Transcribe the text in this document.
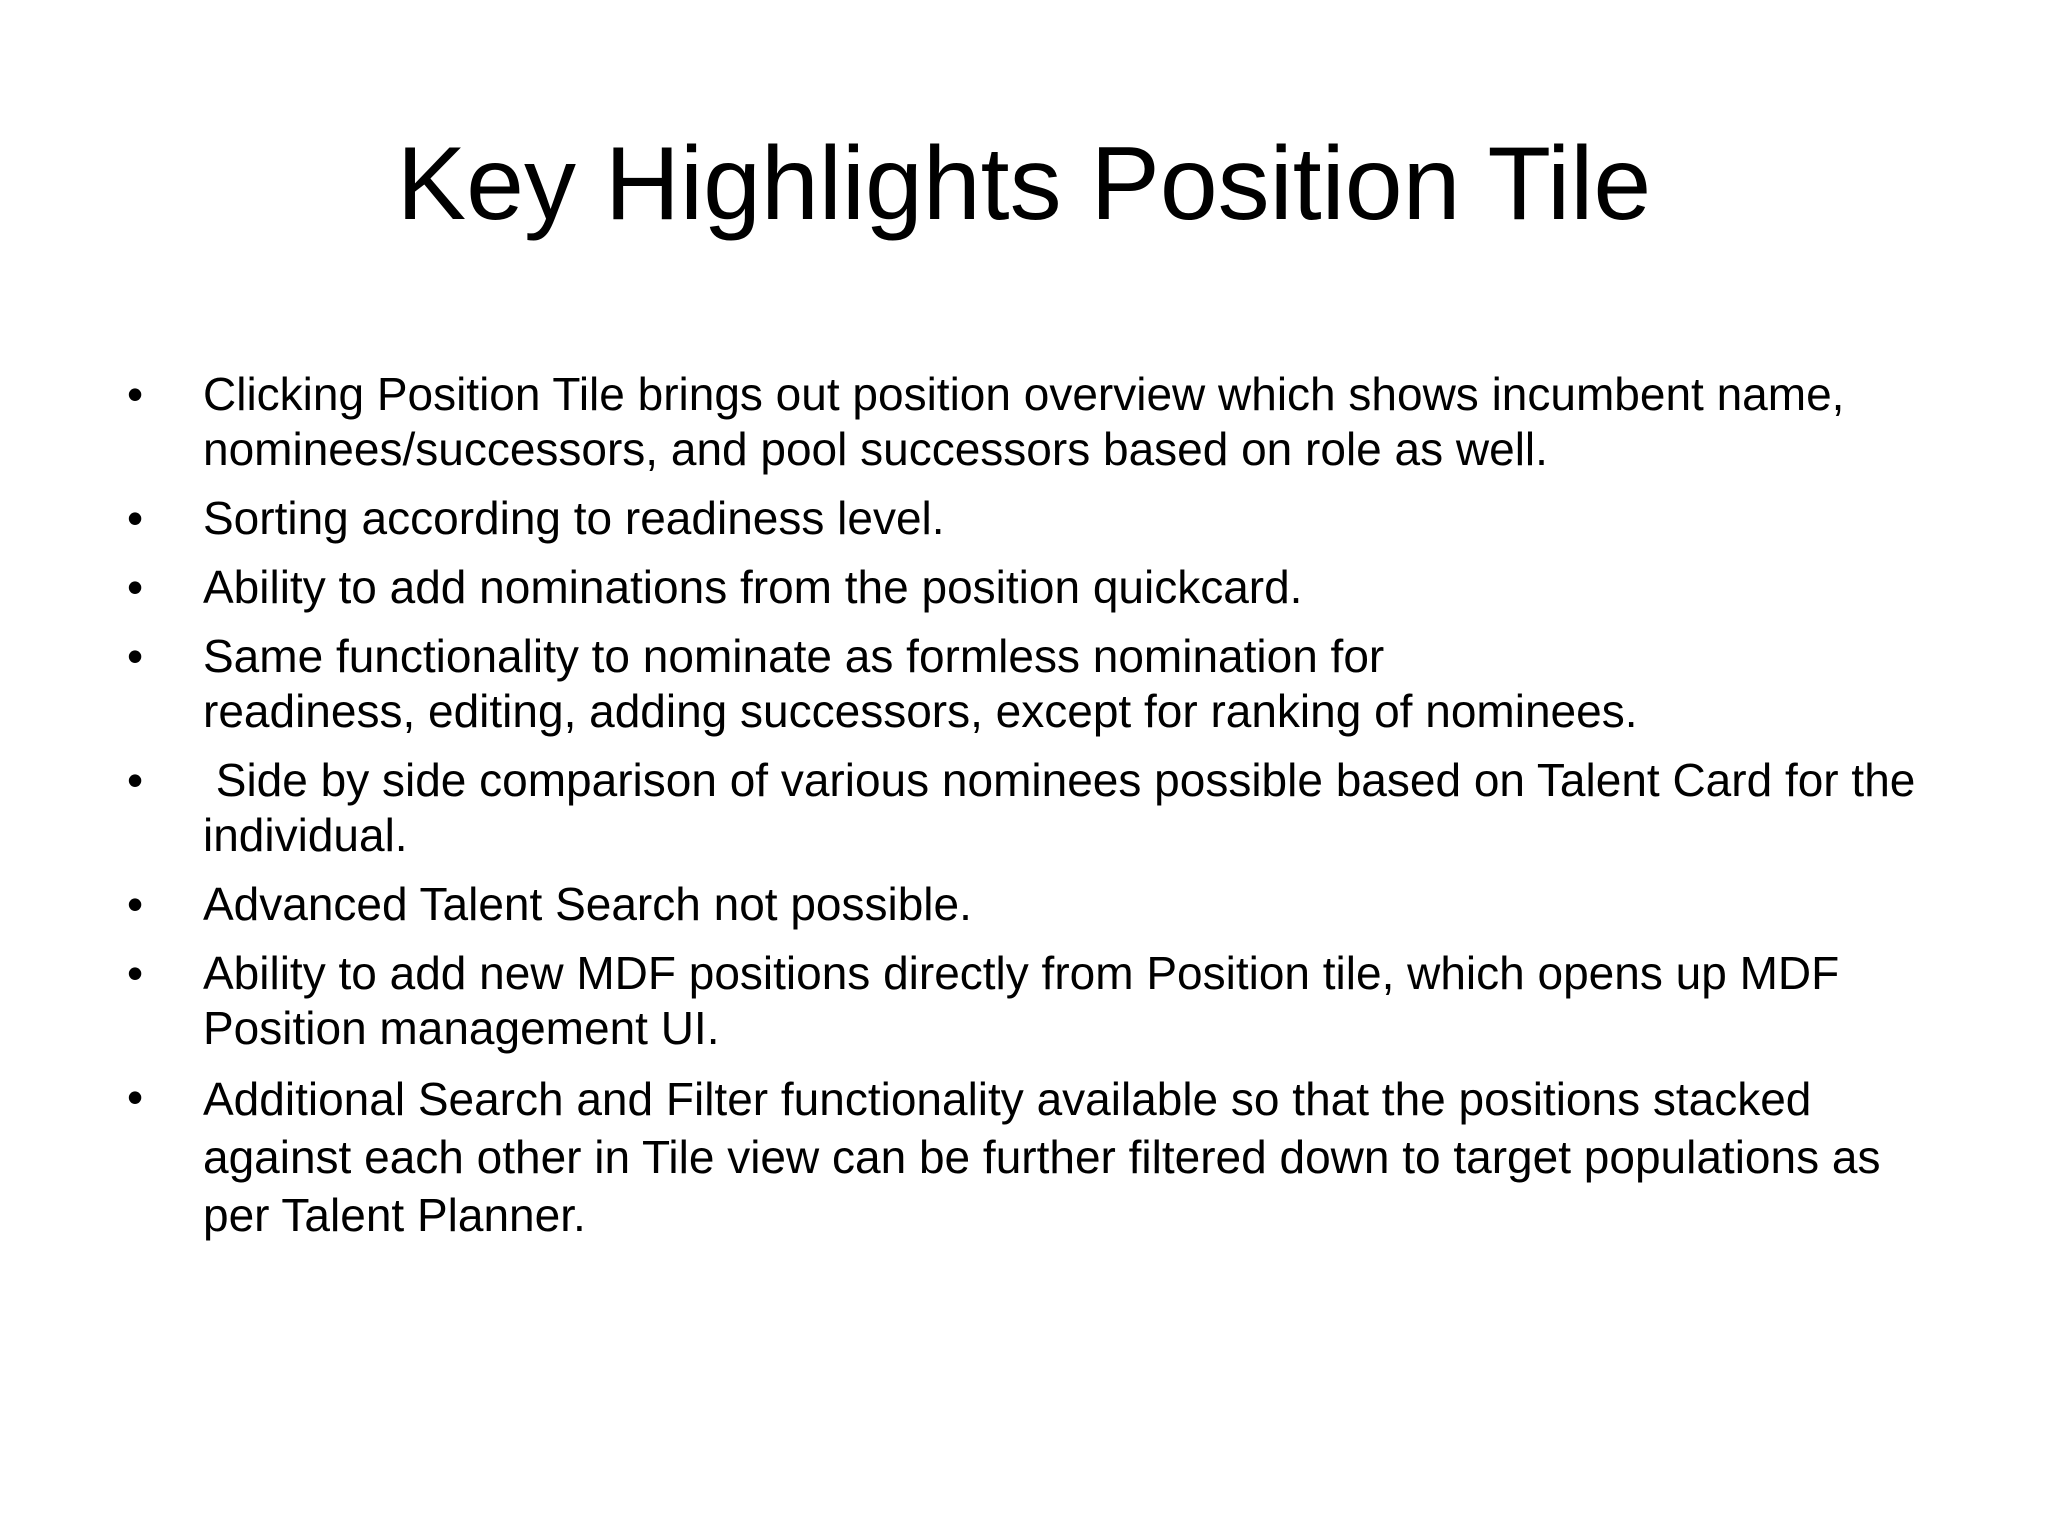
Key Highlights Position Tile
• Clicking Position Tile brings out position overview which shows incumbent name, nominees/successors, and pool successors based on role as well.
• Sorting according to readiness level.
• Ability to add nominations from the position quickcard.
• Same functionality to nominate as formless nomination for
readiness, editing, adding successors, except for ranking of nominees.
• Side by side comparison of various nominees possible based on Talent Card for the individual.
• Advanced Talent Search not possible.
• Ability to add new MDF positions directly from Position tile, which opens up MDF Position management UI.
• Additional Search and Filter functionality available so that the positions stacked against each other in Tile view can be further filtered down to target populations as per Talent Planner.
